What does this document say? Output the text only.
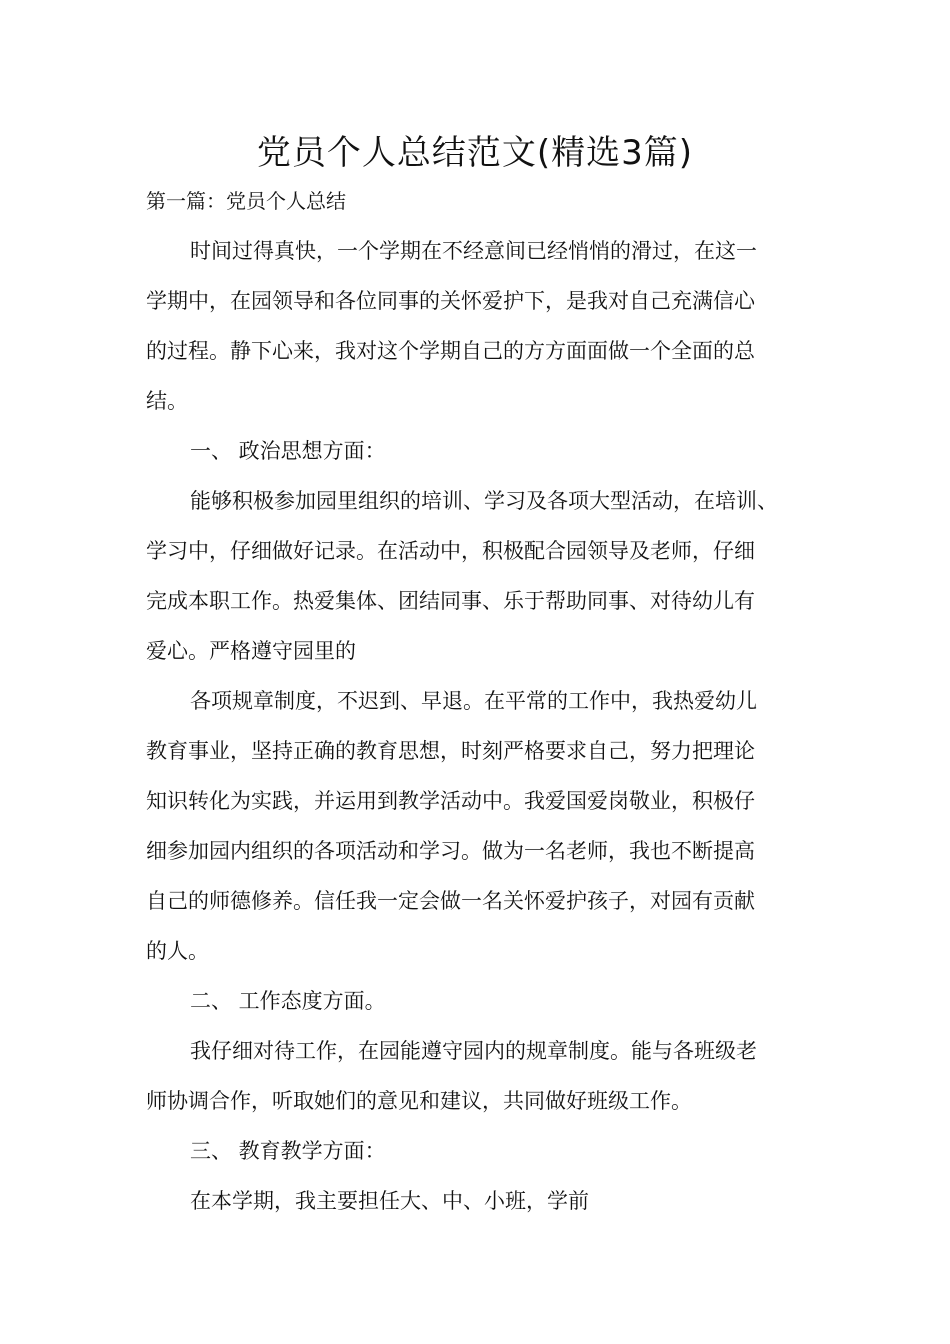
党员个人总结范文(精选3篇)
第一篇：党员个人总结
时间过得真快，一个学期在不经意间已经悄悄的滑过，在这一
学期中，在园领导和各位同事的关怀爱护下，是我对自己充满信心
的过程。静下心来，我对这个学期自己的方方面面做一个全面的总
结。
一、 政治思想方面：
能够积极参加园里组织的培训、学习及各项大型活动，在培训、
学习中，仔细做好记录。在活动中，积极配合园领导及老师，仔细
完成本职工作。热爱集体、团结同事、乐于帮助同事、对待幼儿有
爱心。严格遵守园里的
各项规章制度，不迟到、早退。在平常的工作中，我热爱幼儿
教育事业，坚持正确的教育思想，时刻严格要求自己，努力把理论
知识转化为实践，并运用到教学活动中。我爱国爱岗敬业，积极仔
细参加园内组织的各项活动和学习。做为一名老师，我也不断提高
自己的师德修养。信任我一定会做一名关怀爱护孩子，对园有贡献
的人。
二、 工作态度方面。
我仔细对待工作，在园能遵守园内的规章制度。能与各班级老
师协调合作，听取她们的意见和建议，共同做好班级工作。
三、 教育教学方面：
在本学期，我主要担任大、中、小班，学前
